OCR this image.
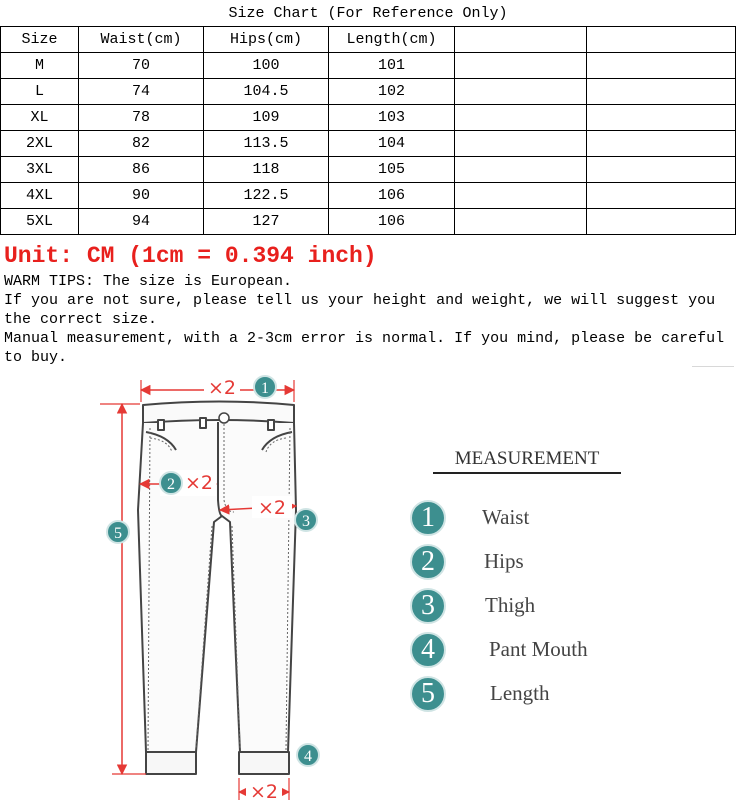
Size Chart (For Reference Only)
Size	Waist(cm)	Hips(cm)	Length(cm)		
M	70	100	101		
L	74	104.5	102		
XL	78	109	103		
2XL	82	113.5	104		
3XL	86	118	105		
4XL	90	122.5	106		
5XL	94	127	106		
Unit: CM (1cm = 0.394 inch)

WARM TIPS: The size is European.

If you are not sure, please tell us your height and weight, we will suggest you the correct size.

Manual measurement, with a 2-3cm error is normal. If you mind, please be careful to buy.

×2 1
2 ×2
×2
3
5
×2
4
MEASUREMENT
1	Waist
2	Hips
3	Thigh
4	Pant Mouth
5	Length
